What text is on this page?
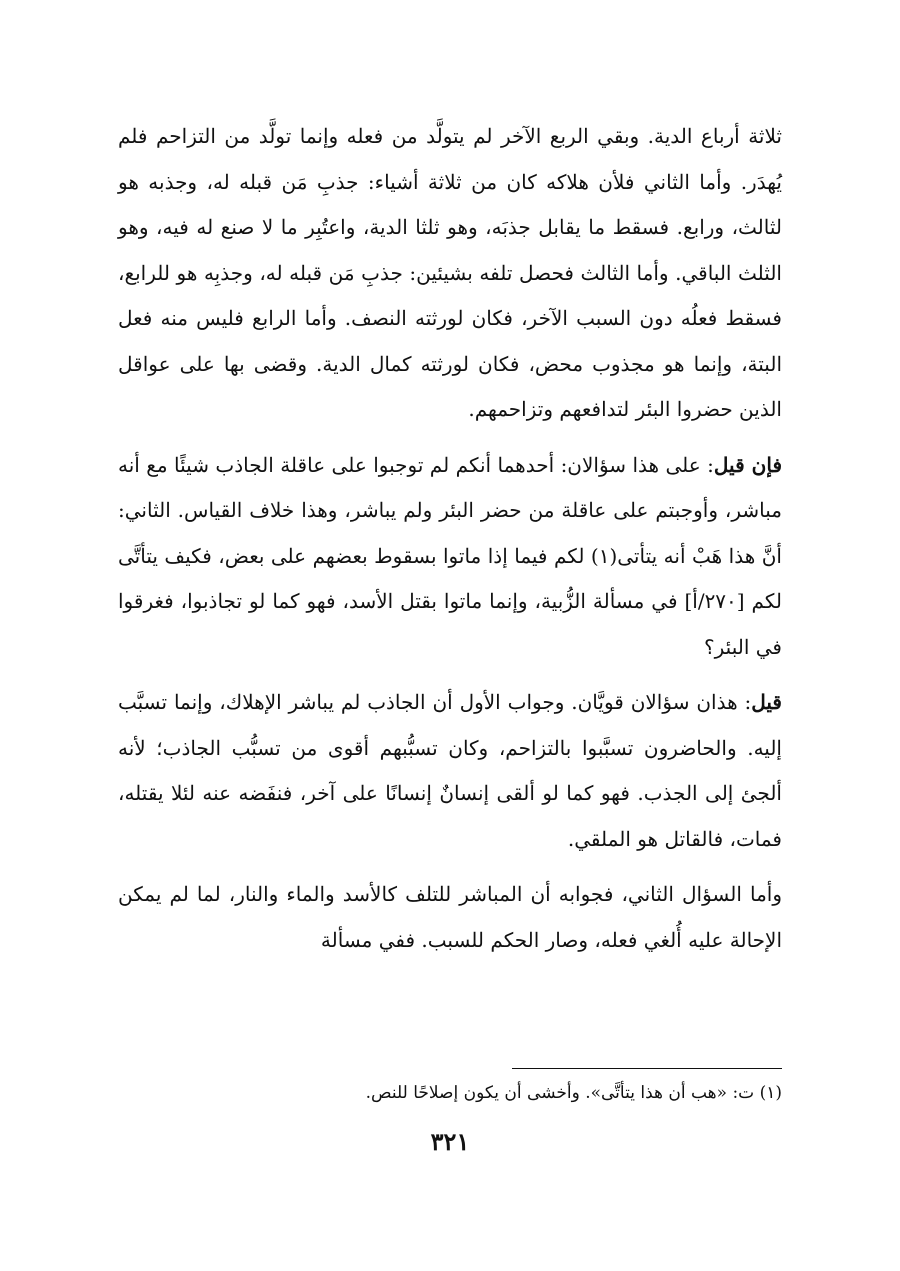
ثلاثة أرباع الدية. وبقي الربع الآخر لم يتولَّد من فعله وإنما تولَّد من التزاحم فلم يُهدَر. وأما الثاني فلأن هلاكه كان من ثلاثة أشياء: جذبِ مَن قبله له، وجذبه هو لثالث، ورابع. فسقط ما يقابل جذبَه، وهو ثلثا الدية، واعتُبِر ما لا صنع له فيه، وهو الثلث الباقي. وأما الثالث فحصل تلفه بشيئين: جذبِ مَن قبله له، وجذبِه هو للرابع، فسقط فعلُه دون السبب الآخر، فكان لورثته النصف. وأما الرابع فليس منه فعل البتة، وإنما هو مجذوب محض، فكان لورثته كمال الدية. وقضى بها على عواقل الذين حضروا البئر لتدافعهم وتزاحمهم.

فإن قيل: على هذا سؤالان: أحدهما أنكم لم توجبوا على عاقلة الجاذب شيئًا مع أنه مباشر، وأوجبتم على عاقلة من حضر البئر ولم يباشر، وهذا خلاف القياس. الثاني: أنَّ هذا هَبْ أنه يتأتى(١) لكم فيما إذا ماتوا بسقوط بعضهم على بعض، فكيف يتأتَّى لكم [٢٧٠/أ] في مسألة الزُّبية، وإنما ماتوا بقتل الأسد، فهو كما لو تجاذبوا، فغرقوا في البئر؟

قيل: هذان سؤالان قويَّان. وجواب الأول أن الجاذب لم يباشر الإهلاك، وإنما تسبَّب إليه. والحاضرون تسبَّبوا بالتزاحم، وكان تسبُّبهم أقوى من تسبُّب الجاذب؛ لأنه ألجئ إلى الجذب. فهو كما لو ألقى إنسانٌ إنسانًا على آخر، فنفَضه عنه لئلا يقتله، فمات، فالقاتل هو الملقي.

وأما السؤال الثاني، فجوابه أن المباشر للتلف كالأسد والماء والنار، لما لم يمكن الإحالة عليه أُلغي فعله، وصار الحكم للسبب. ففي مسألة

(١) ت: «هب أن هذا يتأتَّى». وأخشى أن يكون إصلاحًا للنص.
٣٢١
